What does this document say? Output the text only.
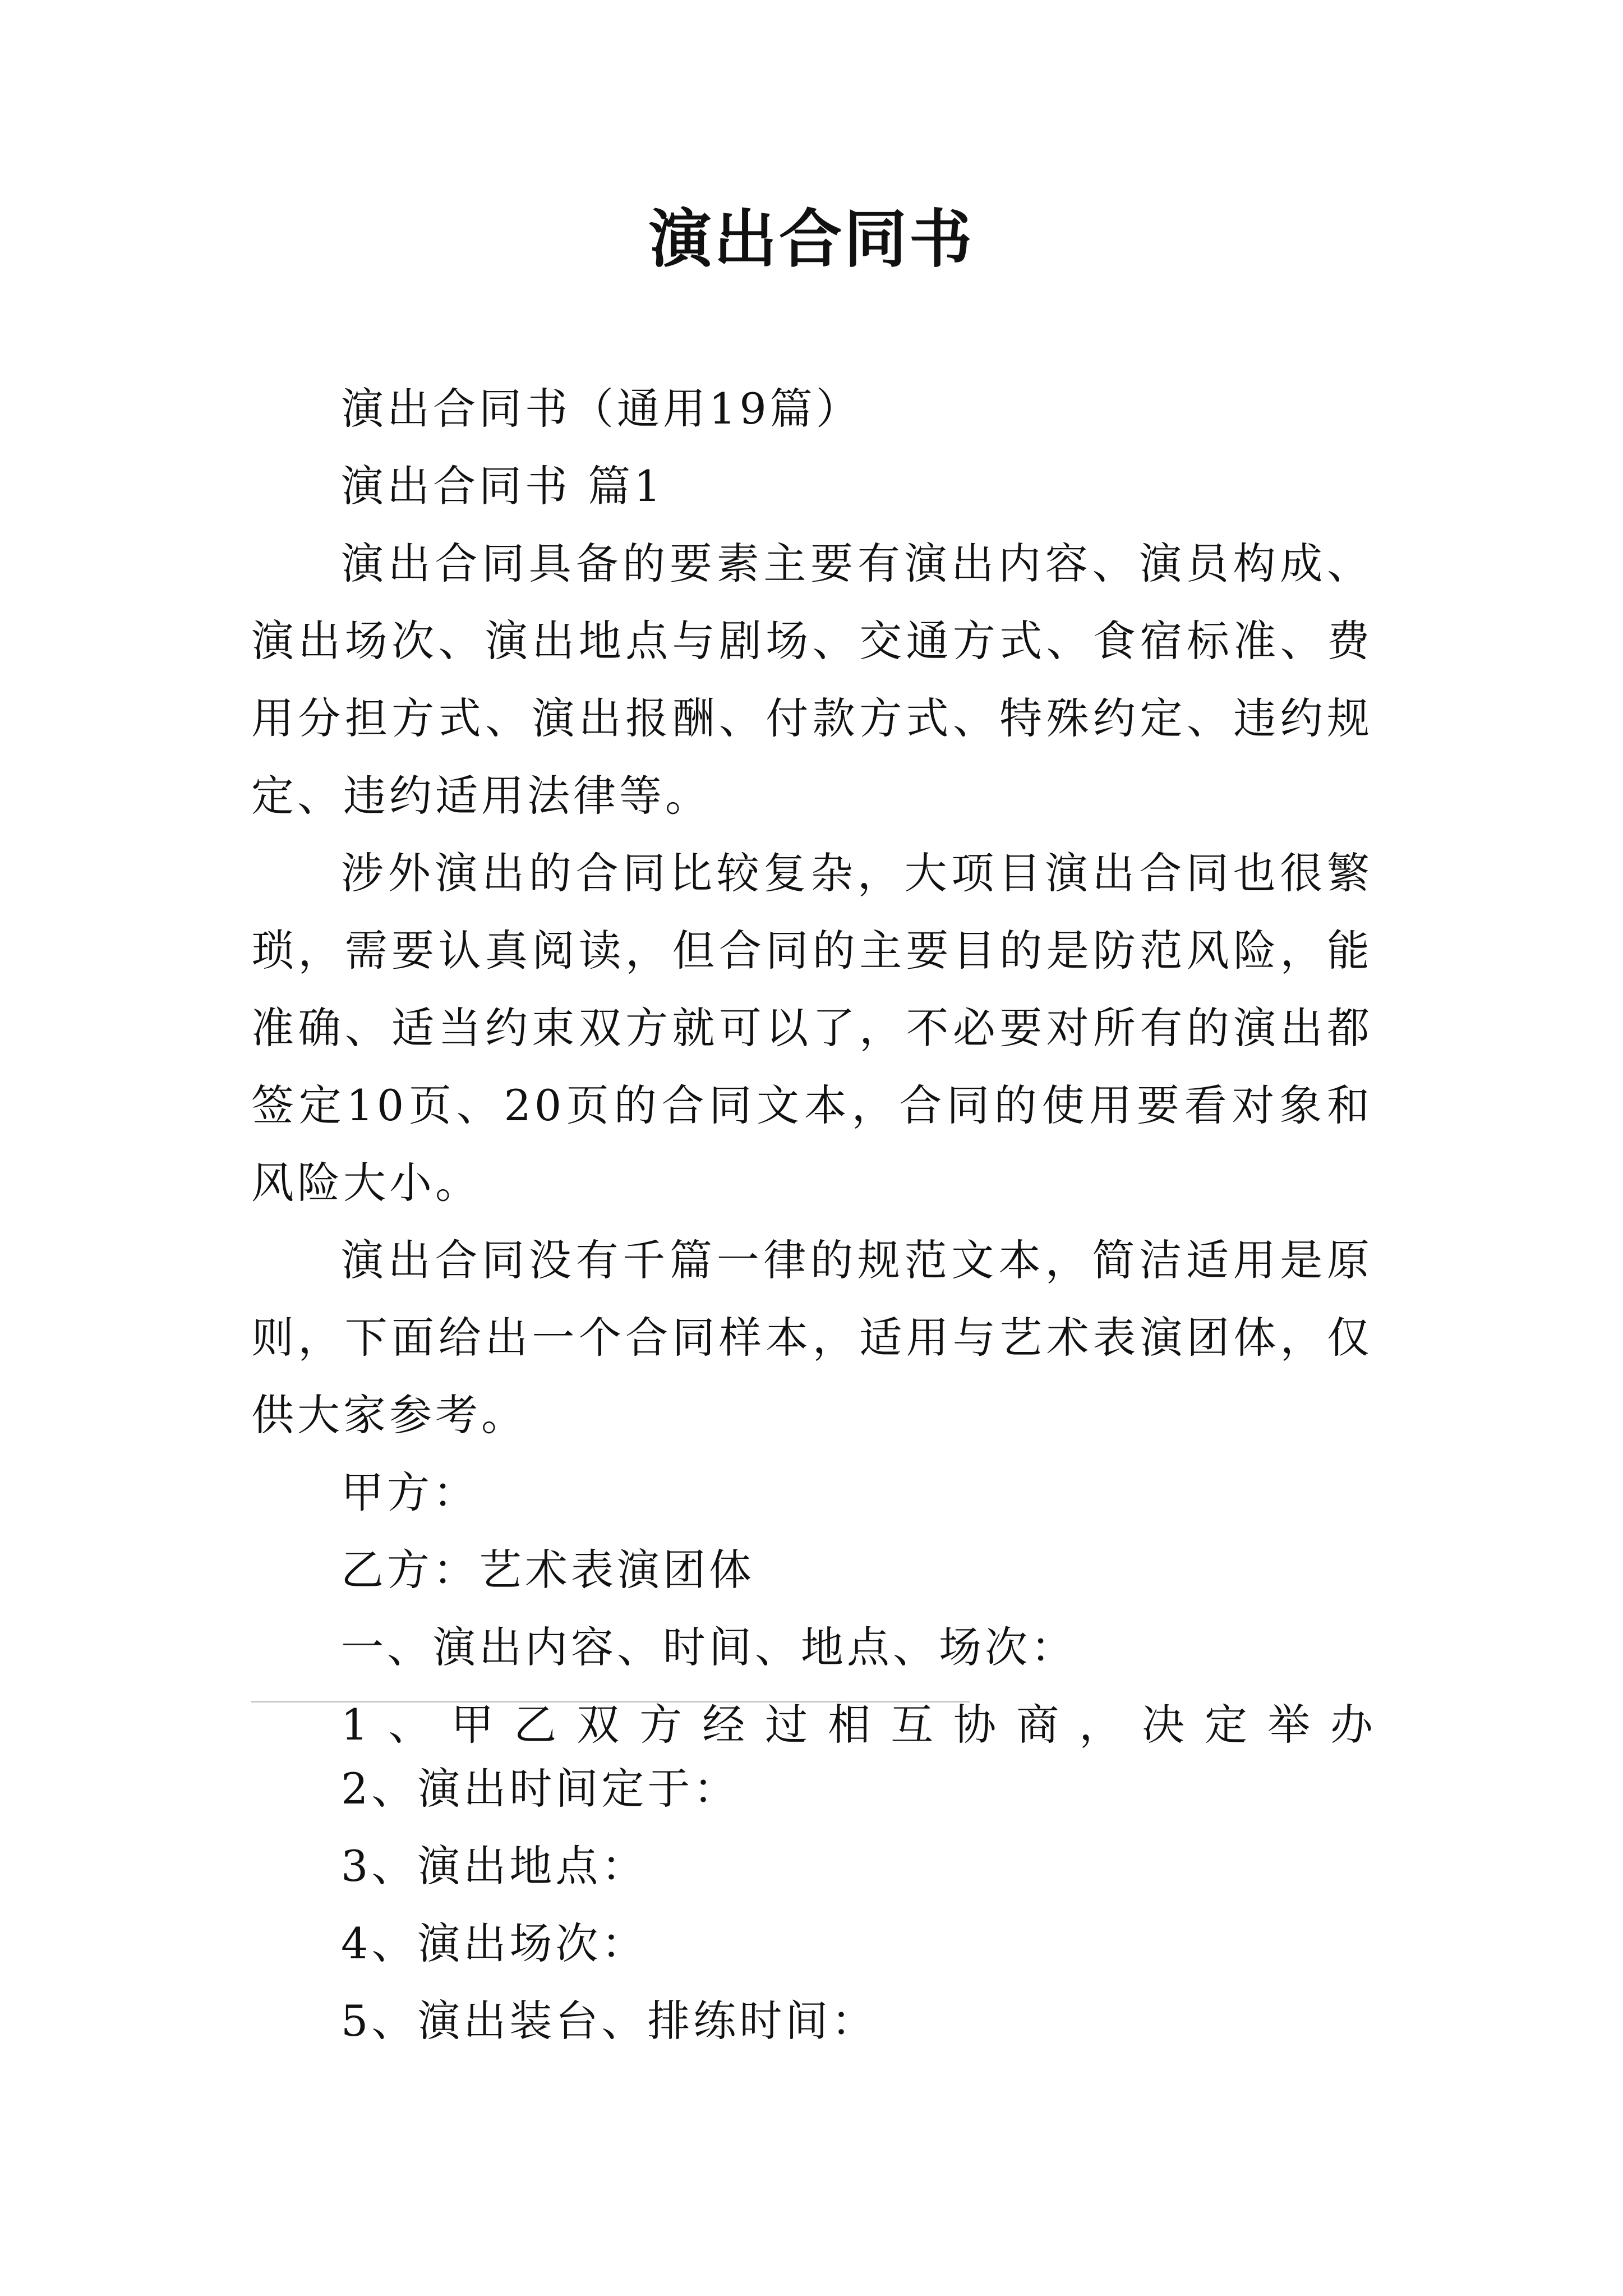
演出合同书

演出合同书（通用19篇）

演出合同书 篇1

演出合同具备的要素主要有演出内容、演员构成、演出场次、演出地点与剧场、交通方式、食宿标准、费用分担方式、演出报酬、付款方式、特殊约定、违约规定、违约适用法律等。

涉外演出的合同比较复杂，大项目演出合同也很繁琐，需要认真阅读，但合同的主要目的是防范风险，能准确、适当约束双方就可以了，不必要对所有的演出都签定10页、20页的合同文本，合同的使用要看对象和风险大小。

演出合同没有千篇一律的规范文本，简洁适用是原则，下面给出一个合同样本，适用与艺术表演团体，仅供大家参考。

甲方：

乙方：艺术表演团体

一、演出内容、时间、地点、场次：

1、甲乙双方经过相互协商，决定举办

2、演出时间定于：

3、演出地点：

4、演出场次：

5、演出装台、排练时间：
